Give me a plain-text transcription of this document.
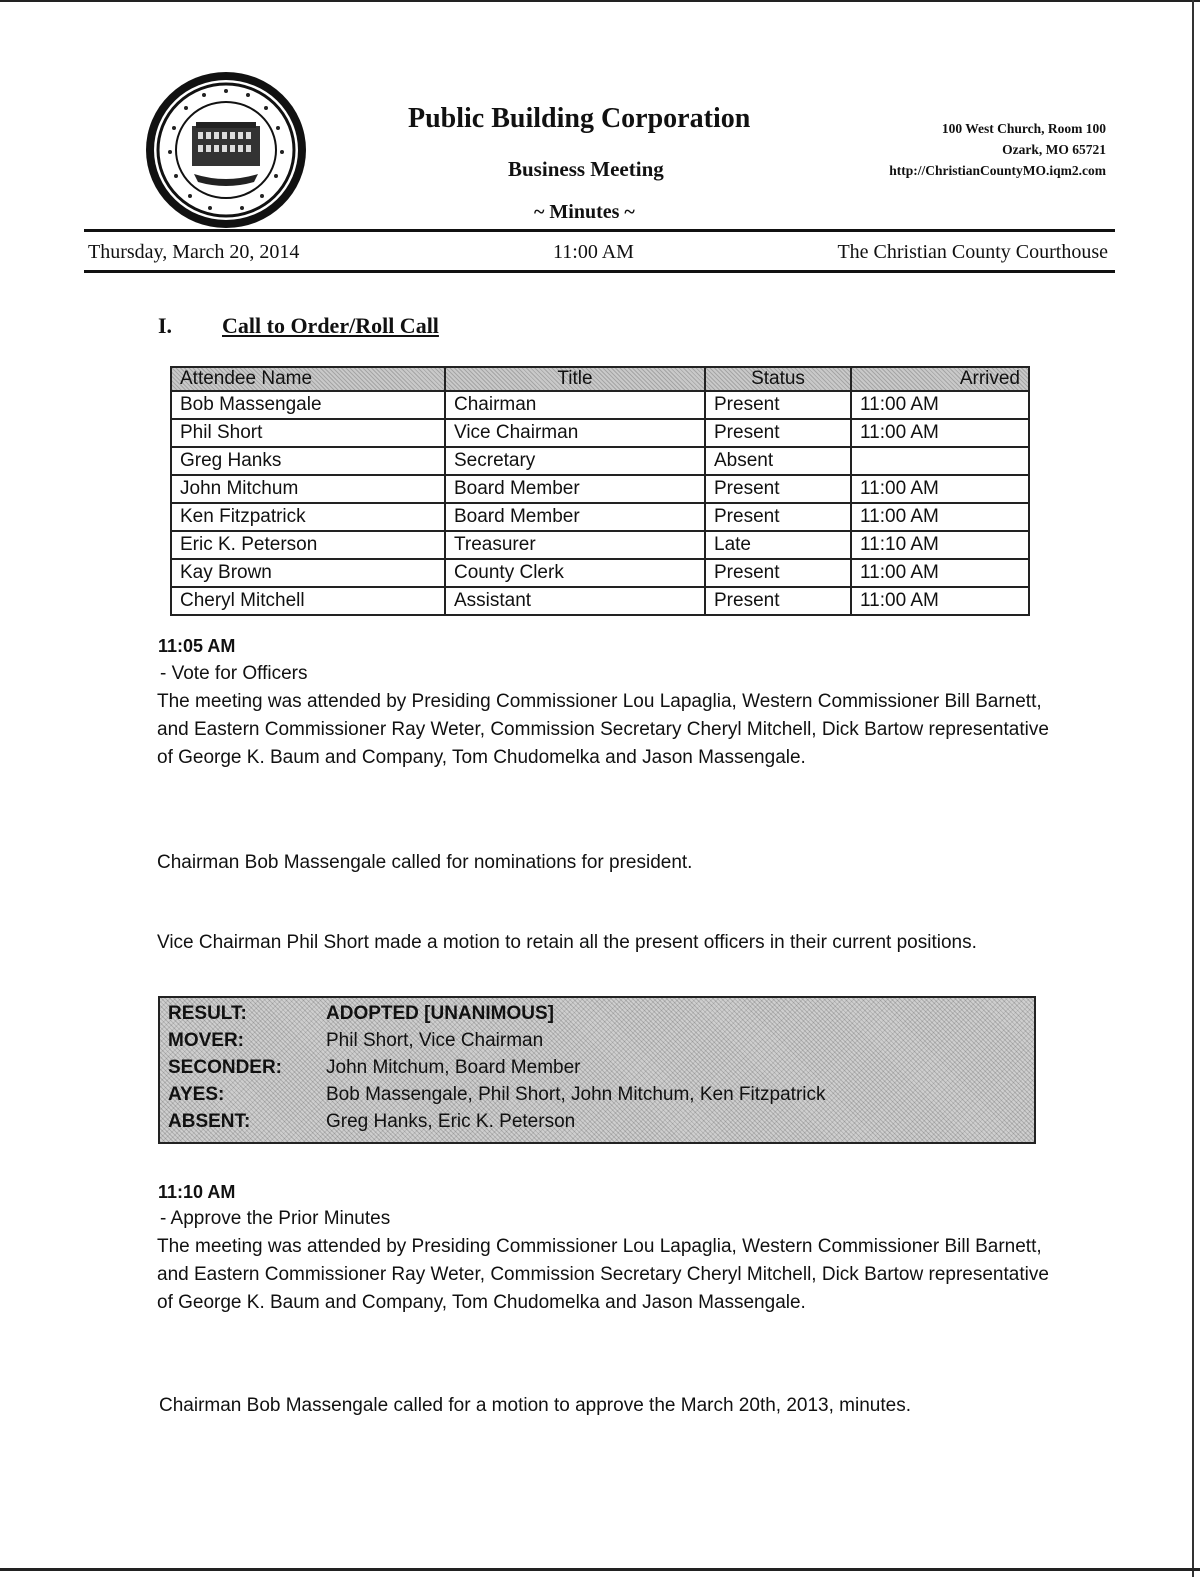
Public Building Corporation
Business Meeting
~ Minutes ~
100 West Church, Room 100
Ozark, MO 65721
http://ChristianCountyMO.iqm2.com
Thursday, March 20, 2014	11:00 AM	The Christian County Courthouse
I. Call to Order/Roll Call
Attendee Name	Title	Status	Arrived
Bob Massengale	Chairman	Present	11:00 AM
Phil Short	Vice Chairman	Present	11:00 AM
Greg Hanks	Secretary	Absent	
John Mitchum	Board Member	Present	11:00 AM
Ken Fitzpatrick	Board Member	Present	11:00 AM
Eric K. Peterson	Treasurer	Late	11:10 AM
Kay Brown	County Clerk	Present	11:00 AM
Cheryl Mitchell	Assistant	Present	11:00 AM
11:05 AM
- Vote for Officers
The meeting was attended by Presiding Commissioner Lou Lapaglia, Western Commissioner Bill Barnett, and Eastern Commissioner Ray Weter, Commission Secretary Cheryl Mitchell, Dick Bartow representative of George K. Baum and Company, Tom Chudomelka and Jason Massengale.
Chairman Bob Massengale called for nominations for president.
Vice Chairman Phil Short made a motion to retain all the present officers in their current positions.
RESULT:	ADOPTED [UNANIMOUS]
MOVER:	Phil Short, Vice Chairman
SECONDER:	John Mitchum, Board Member
AYES:	Bob Massengale, Phil Short, John Mitchum, Ken Fitzpatrick
ABSENT:	Greg Hanks, Eric K. Peterson
11:10 AM
- Approve the Prior Minutes
The meeting was attended by Presiding Commissioner Lou Lapaglia, Western Commissioner Bill Barnett, and Eastern Commissioner Ray Weter, Commission Secretary Cheryl Mitchell, Dick Bartow representative of George K. Baum and Company, Tom Chudomelka and Jason Massengale.
Chairman Bob Massengale called for a motion to approve the March 20th, 2013, minutes.
